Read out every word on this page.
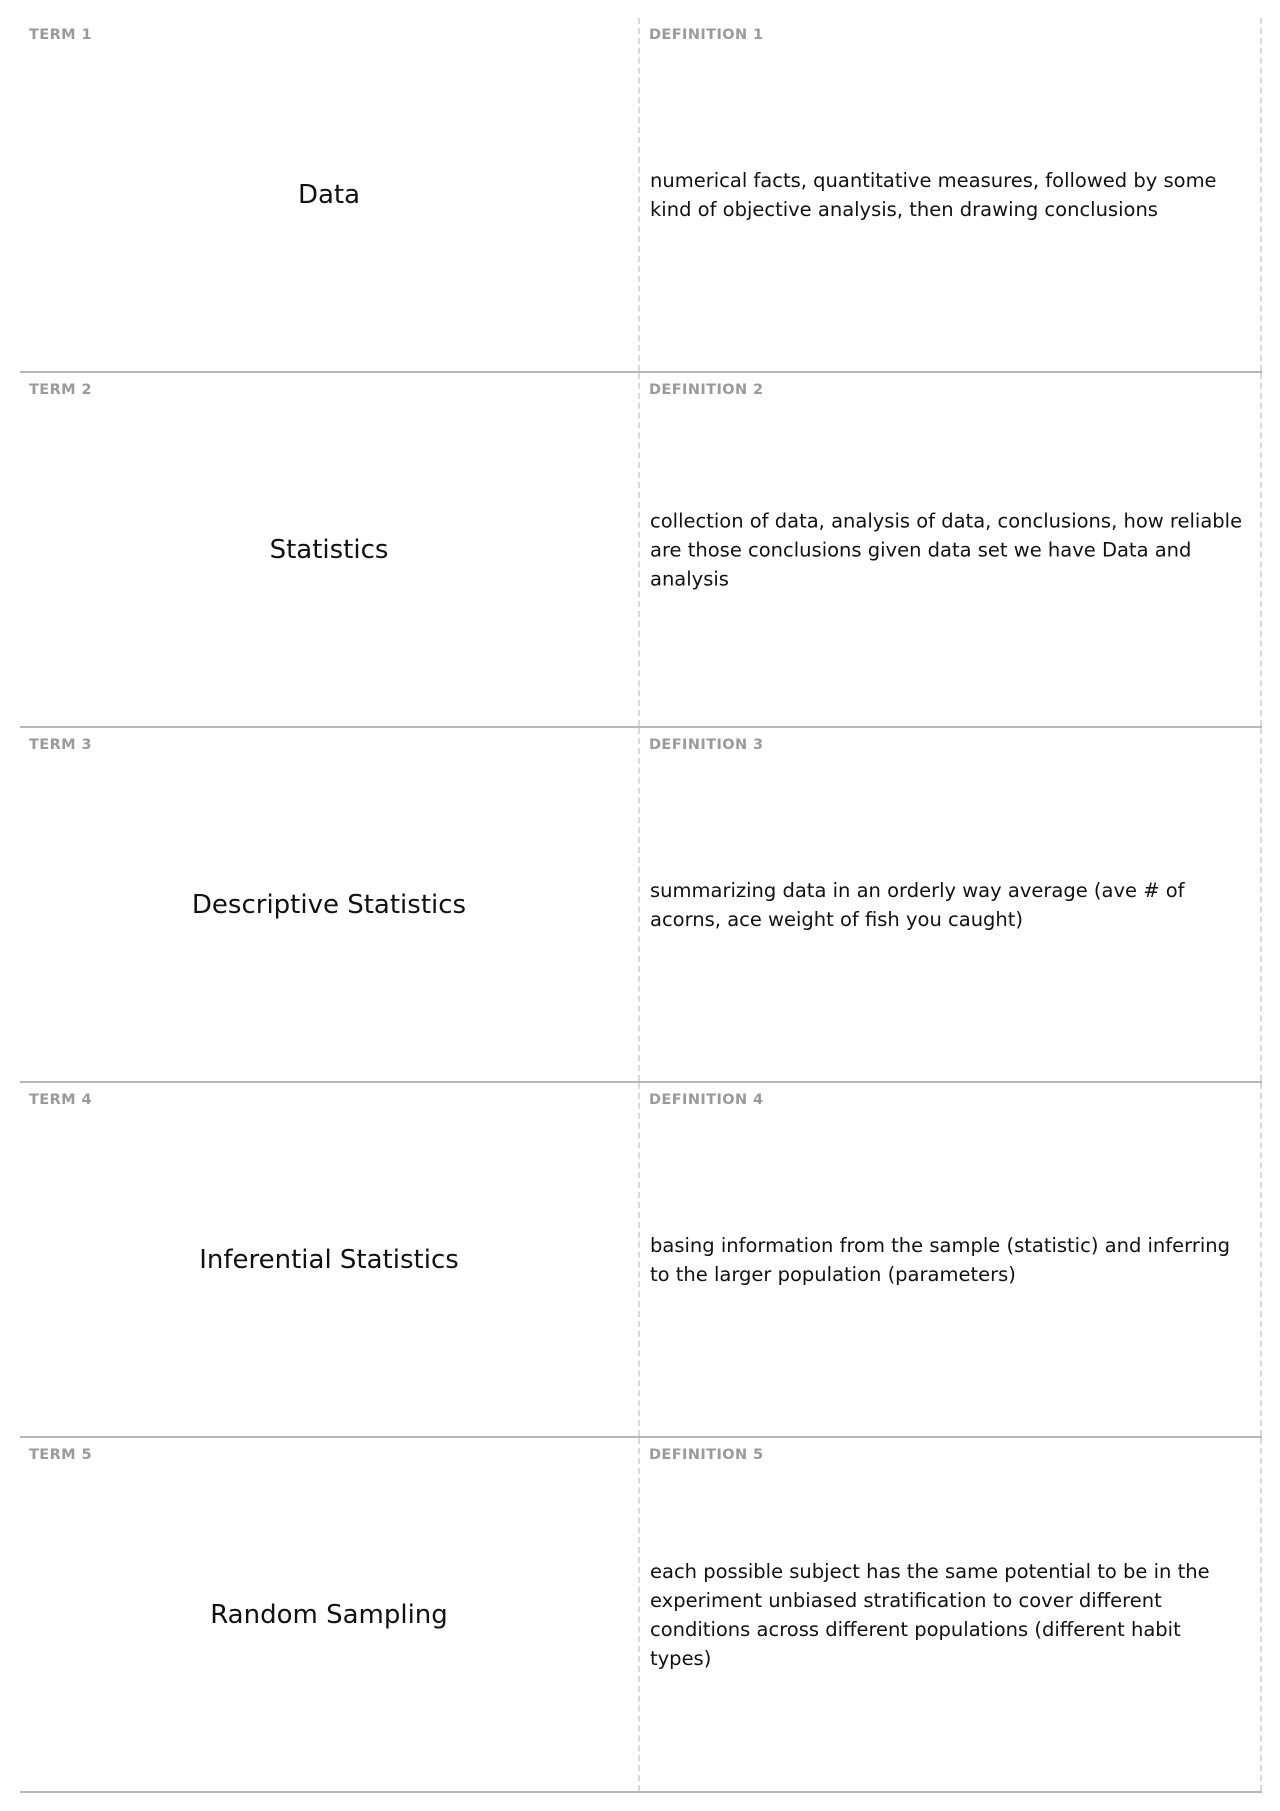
TERM 1
Data
DEFINITION 1
numerical facts, quantitative measures, followed by some kind of objective analysis, then drawing conclusions
TERM 2
Statistics
DEFINITION 2
collection of data, analysis of data, conclusions, how reliable are those conclusions given data set we have Data and analysis
TERM 3
Descriptive Statistics
DEFINITION 3
summarizing data in an orderly way average (ave # of acorns, ace weight of fish you caught)
TERM 4
Inferential Statistics
DEFINITION 4
basing information from the sample (statistic) and inferring to the larger population (parameters)
TERM 5
Random Sampling
DEFINITION 5
each possible subject has the same potential to be in the experiment unbiased stratification to cover different conditions across different populations (different habit types)
